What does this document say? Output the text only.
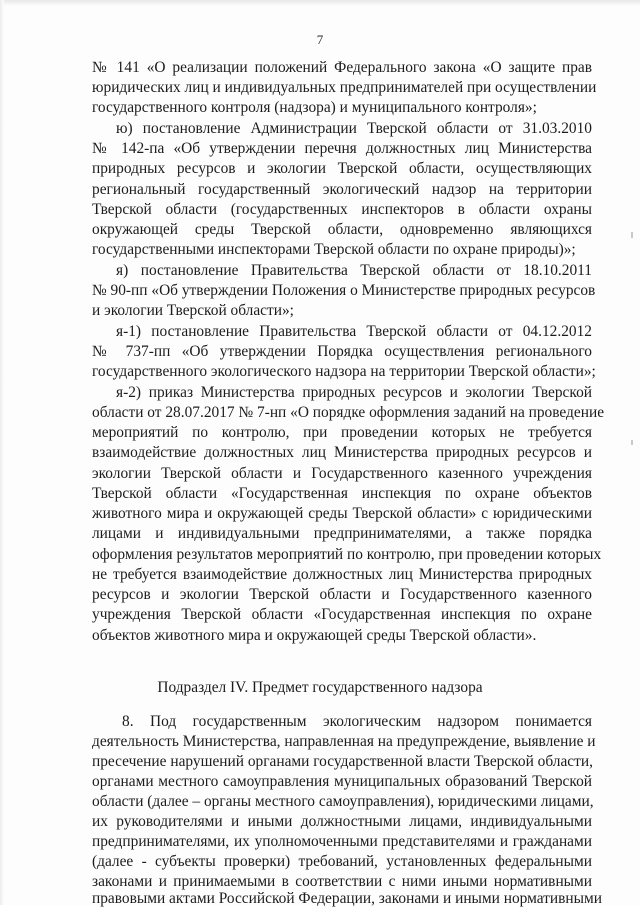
7
№ 141 «О реализации положений Федерального закона «О защите прав
юридических лиц и индивидуальных предпринимателей при осуществлении
государственного контроля (надзора) и муниципального контроля»;
ю) постановление Администрации Тверской области от 31.03.2010
№ 142-па «Об утверждении перечня должностных лиц Министерства
природных ресурсов и экологии Тверской области, осуществляющих
региональный государственный экологический надзор на территории
Тверской области (государственных инспекторов в области охраны
окружающей среды Тверской области, одновременно являющихся
государственными инспекторами Тверской области по охране природы)»;
я) постановление Правительства Тверской области от 18.10.2011
№ 90-пп «Об утверждении Положения о Министерстве природных ресурсов
и экологии Тверской области»;
я-1) постановление Правительства Тверской области от 04.12.2012
№ 737-пп «Об утверждении Порядка осуществления регионального
государственного экологического надзора на территории Тверской области»;
я-2) приказ Министерства природных ресурсов и экологии Тверской
области от 28.07.2017 № 7-нп «О порядке оформления заданий на проведение
мероприятий по контролю, при проведении которых не требуется
взаимодействие должностных лиц Министерства природных ресурсов и
экологии Тверской области и Государственного казенного учреждения
Тверской области «Государственная инспекция по охране объектов
животного мира и окружающей среды Тверской области» с юридическими
лицами и индивидуальными предпринимателями, а также порядка
оформления результатов мероприятий по контролю, при проведении которых
не требуется взаимодействие должностных лиц Министерства природных
ресурсов и экологии Тверской области и Государственного казенного
учреждения Тверской области «Государственная инспекция по охране
объектов животного мира и окружающей среды Тверской области».
Подраздел IV. Предмет государственного надзора
8. Под государственным экологическим надзором понимается
деятельность Министерства, направленная на предупреждение, выявление и
пресечение нарушений органами государственной власти Тверской области,
органами местного самоуправления муниципальных образований Тверской
области (далее – органы местного самоуправления), юридическими лицами,
их руководителями и иными должностными лицами, индивидуальными
предпринимателями, их уполномоченными представителями и гражданами
(далее - субъекты проверки) требований, установленных федеральными
законами и принимаемыми в соответствии с ними иными нормативными
правовыми актами Российской Федерации, законами и иными нормативными
